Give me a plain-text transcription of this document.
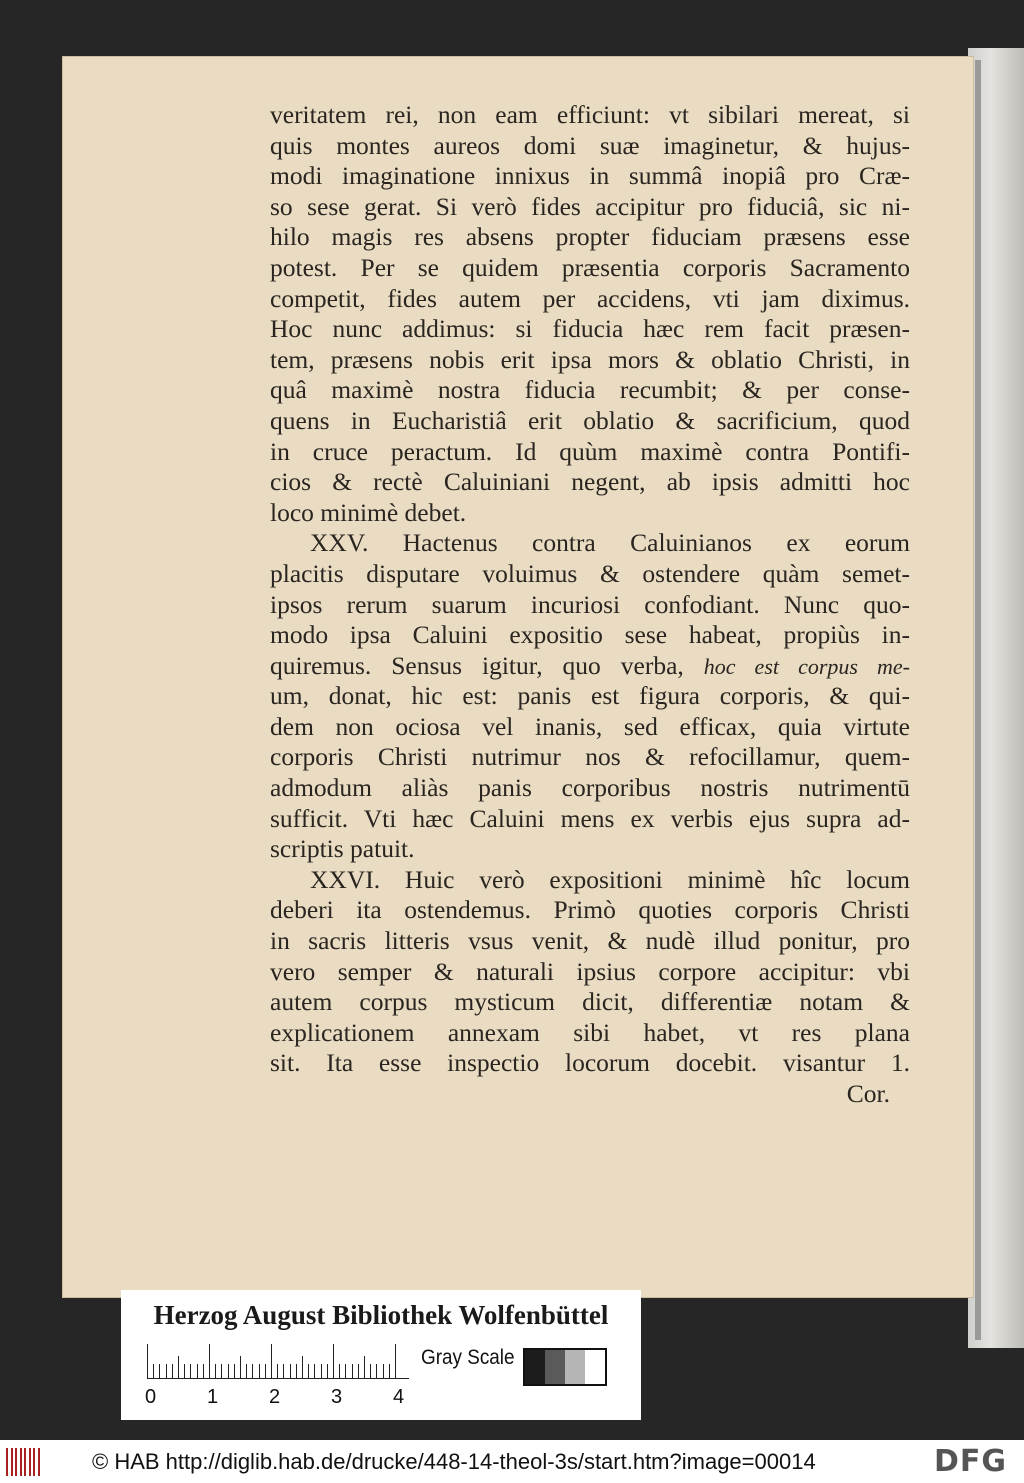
veritatem rei, non eam efficiunt: vt sibilari mereat, si
quis montes aureos domi suæ imaginetur, & hujus-
modi imaginatione innixus in summâ inopiâ pro Cræ-
so sese gerat. Si verò fides accipitur pro fiduciâ, sic ni-
hilo magis res absens propter fiduciam præsens esse
potest. Per se quidem præsentia corporis Sacramento
competit, fides autem per accidens, vti jam diximus.
Hoc nunc addimus: si fiducia hæc rem facit præsen-
tem, præsens nobis erit ipsa mors & oblatio Christi, in
quâ maximè nostra fiducia recumbit; & per conse-
quens in Eucharistiâ erit oblatio & sacrificium, quod
in cruce peractum. Id quùm maximè contra Pontifi-
cios & rectè Caluiniani negent, ab ipsis admitti hoc
loco minimè debet.
XXV. Hactenus contra Caluinianos ex eorum
placitis disputare voluimus & ostendere quàm semet-
ipsos rerum suarum incuriosi confodiant. Nunc quo-
modo ipsa Caluini expositio sese habeat, propiùs in-
quiremus. Sensus igitur, quo verba, hoc est corpus me-
um, donat, hic est: panis est figura corporis, & qui-
dem non ociosa vel inanis, sed efficax, quia virtute
corporis Christi nutrimur nos & refocillamur, quem-
admodum aliàs panis corporibus nostris nutrimentū
sufficit. Vti hæc Caluini mens ex verbis ejus supra ad-
scriptis patuit.
XXVI. Huic verò expositioni minimè hîc locum
deberi ita ostendemus. Primò quoties corporis Christi
in sacris litteris vsus venit, & nudè illud ponitur, pro
vero semper & naturali ipsius corpore accipitur: vbi
autem corpus mysticum dicit, differentiæ notam &
explicationem annexam sibi habet, vt res plana
sit. Ita esse inspectio locorum docebit. visantur 1.
Cor.
Herzog August Bibliothek Wolfenbüttel
0	1	2	3	4
Gray Scale
© HAB http://diglib.hab.de/drucke/448-14-theol-3s/start.htm?image=00014	DFG
